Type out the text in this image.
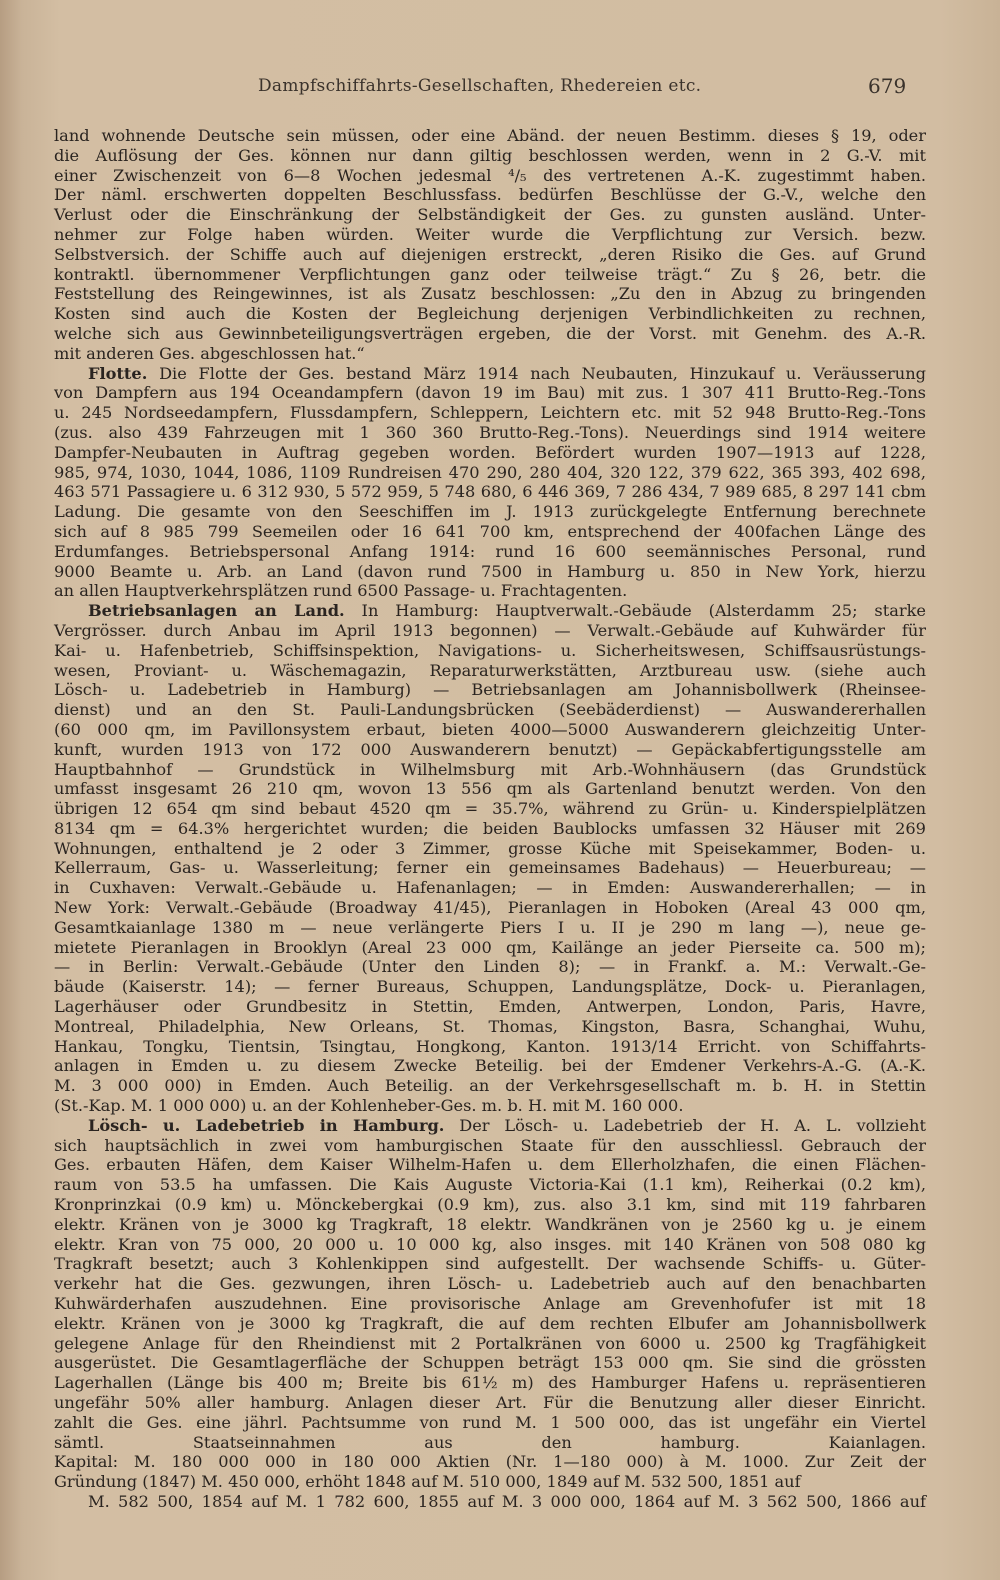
Dampfschiffahrts-Gesellschaften, Rhedereien etc.	679

land wohnende Deutsche sein müssen, oder eine Abänd. der neuen Bestimm. dieses § 19, oder

die Auflösung der Ges. können nur dann giltig beschlossen werden, wenn in 2 G.-V. mit

einer Zwischenzeit von 6—8 Wochen jedesmal ⁴/₅ des vertretenen A.-K. zugestimmt haben.

Der näml. erschwerten doppelten Beschlussfass. bedürfen Beschlüsse der G.-V., welche den

Verlust oder die Einschränkung der Selbständigkeit der Ges. zu gunsten ausländ. Unter-

nehmer zur Folge haben würden. Weiter wurde die Verpflichtung zur Versich. bezw.

Selbstversich. der Schiffe auch auf diejenigen erstreckt, „deren Risiko die Ges. auf Grund

kontraktl. übernommener Verpflichtungen ganz oder teilweise trägt.“ Zu § 26, betr. die

Feststellung des Reingewinnes, ist als Zusatz beschlossen: „Zu den in Abzug zu bringenden

Kosten sind auch die Kosten der Begleichung derjenigen Verbindlichkeiten zu rechnen,

welche sich aus Gewinnbeteiligungsverträgen ergeben, die der Vorst. mit Genehm. des A.-R.

mit anderen Ges. abgeschlossen hat.“

Flotte. Die Flotte der Ges. bestand März 1914 nach Neubauten, Hinzukauf u. Veräusserung

von Dampfern aus 194 Oceandampfern (davon 19 im Bau) mit zus. 1 307 411 Brutto-Reg.-Tons

u. 245 Nordseedampfern, Flussdampfern, Schleppern, Leichtern etc. mit 52 948 Brutto-Reg.-Tons

(zus. also 439 Fahrzeugen mit 1 360 360 Brutto-Reg.-Tons). Neuerdings sind 1914 weitere

Dampfer-Neubauten in Auftrag gegeben worden. Befördert wurden 1907—1913 auf 1228,

985, 974, 1030, 1044, 1086, 1109 Rundreisen 470 290, 280 404, 320 122, 379 622, 365 393, 402 698,

463 571 Passagiere u. 6 312 930, 5 572 959, 5 748 680, 6 446 369, 7 286 434, 7 989 685, 8 297 141 cbm

Ladung. Die gesamte von den Seeschiffen im J. 1913 zurückgelegte Entfernung berechnete

sich auf 8 985 799 Seemeilen oder 16 641 700 km, entsprechend der 400fachen Länge des

Erdumfanges. Betriebspersonal Anfang 1914: rund 16 600 seemännisches Personal, rund

9000 Beamte u. Arb. an Land (davon rund 7500 in Hamburg u. 850 in New York, hierzu

an allen Hauptverkehrsplätzen rund 6500 Passage- u. Frachtagenten.

Betriebsanlagen an Land. In Hamburg: Hauptverwalt.-Gebäude (Alsterdamm 25; starke

Vergrösser. durch Anbau im April 1913 begonnen) — Verwalt.-Gebäude auf Kuhwärder für

Kai- u. Hafenbetrieb, Schiffsinspektion, Navigations- u. Sicherheitswesen, Schiffsausrüstungs-

wesen, Proviant- u. Wäschemagazin, Reparaturwerkstätten, Arztbureau usw. (siehe auch

Lösch- u. Ladebetrieb in Hamburg) — Betriebsanlagen am Johannisbollwerk (Rheinsee-

dienst) und an den St. Pauli-Landungsbrücken (Seebäderdienst) — Auswandererhallen

(60 000 qm, im Pavillonsystem erbaut, bieten 4000—5000 Auswanderern gleichzeitig Unter-

kunft, wurden 1913 von 172 000 Auswanderern benutzt) — Gepäckabfertigungsstelle am

Hauptbahnhof — Grundstück in Wilhelmsburg mit Arb.-Wohnhäusern (das Grundstück

umfasst insgesamt 26 210 qm, wovon 13 556 qm als Gartenland benutzt werden. Von den

übrigen 12 654 qm sind bebaut 4520 qm = 35.7%, während zu Grün- u. Kinderspielplätzen

8134 qm = 64.3% hergerichtet wurden; die beiden Baublocks umfassen 32 Häuser mit 269

Wohnungen, enthaltend je 2 oder 3 Zimmer, grosse Küche mit Speisekammer, Boden- u.

Kellerraum, Gas- u. Wasserleitung; ferner ein gemeinsames Badehaus) — Heuerbureau; —

in Cuxhaven: Verwalt.-Gebäude u. Hafenanlagen; — in Emden: Auswandererhallen; — in

New York: Verwalt.-Gebäude (Broadway 41/45), Pieranlagen in Hoboken (Areal 43 000 qm,

Gesamtkaianlage 1380 m — neue verlängerte Piers I u. II je 290 m lang —), neue ge-

mietete Pieranlagen in Brooklyn (Areal 23 000 qm, Kailänge an jeder Pierseite ca. 500 m);

— in Berlin: Verwalt.-Gebäude (Unter den Linden 8); — in Frankf. a. M.: Verwalt.-Ge-

bäude (Kaiserstr. 14); — ferner Bureaus, Schuppen, Landungsplätze, Dock- u. Pieranlagen,

Lagerhäuser oder Grundbesitz in Stettin, Emden, Antwerpen, London, Paris, Havre,

Montreal, Philadelphia, New Orleans, St. Thomas, Kingston, Basra, Schanghai, Wuhu,

Hankau, Tongku, Tientsin, Tsingtau, Hongkong, Kanton. 1913/14 Erricht. von Schiffahrts-

anlagen in Emden u. zu diesem Zwecke Beteilig. bei der Emdener Verkehrs-A.-G. (A.-K.

M. 3 000 000) in Emden. Auch Beteilig. an der Verkehrsgesellschaft m. b. H. in Stettin

(St.-Kap. M. 1 000 000) u. an der Kohlenheber-Ges. m. b. H. mit M. 160 000.

Lösch- u. Ladebetrieb in Hamburg. Der Lösch- u. Ladebetrieb der H. A. L. vollzieht

sich hauptsächlich in zwei vom hamburgischen Staate für den ausschliessl. Gebrauch der

Ges. erbauten Häfen, dem Kaiser Wilhelm-Hafen u. dem Ellerholzhafen, die einen Flächen-

raum von 53.5 ha umfassen. Die Kais Auguste Victoria-Kai (1.1 km), Reiherkai (0.2 km),

Kronprinzkai (0.9 km) u. Mönckebergkai (0.9 km), zus. also 3.1 km, sind mit 119 fahrbaren

elektr. Kränen von je 3000 kg Tragkraft, 18 elektr. Wandkränen von je 2560 kg u. je einem

elektr. Kran von 75 000, 20 000 u. 10 000 kg, also insges. mit 140 Kränen von 508 080 kg

Tragkraft besetzt; auch 3 Kohlenkippen sind aufgestellt. Der wachsende Schiffs- u. Güter-

verkehr hat die Ges. gezwungen, ihren Lösch- u. Ladebetrieb auch auf den benachbarten

Kuhwärderhafen auszudehnen. Eine provisorische Anlage am Grevenhofufer ist mit 18

elektr. Kränen von je 3000 kg Tragkraft, die auf dem rechten Elbufer am Johannisbollwerk

gelegene Anlage für den Rheindienst mit 2 Portalkränen von 6000 u. 2500 kg Tragfähigkeit

ausgerüstet. Die Gesamtlagerfläche der Schuppen beträgt 153 000 qm. Sie sind die grössten

Lagerhallen (Länge bis 400 m; Breite bis 61½ m) des Hamburger Hafens u. repräsentieren

ungefähr 50% aller hamburg. Anlagen dieser Art. Für die Benutzung aller dieser Einricht.

zahlt die Ges. eine jährl. Pachtsumme von rund M. 1 500 000, das ist ungefähr ein Viertel

sämtl. Staatseinnahmen aus den hamburg. Kaianlagen.

Kapital: M. 180 000 000 in 180 000 Aktien (Nr. 1—180 000) à M. 1000. Zur Zeit der

Gründung (1847) M. 450 000, erhöht 1848 auf M. 510 000, 1849 auf M. 532 500, 1851 auf

M. 582 500, 1854 auf M. 1 782 600, 1855 auf M. 3 000 000, 1864 auf M. 3 562 500, 1866 auf
